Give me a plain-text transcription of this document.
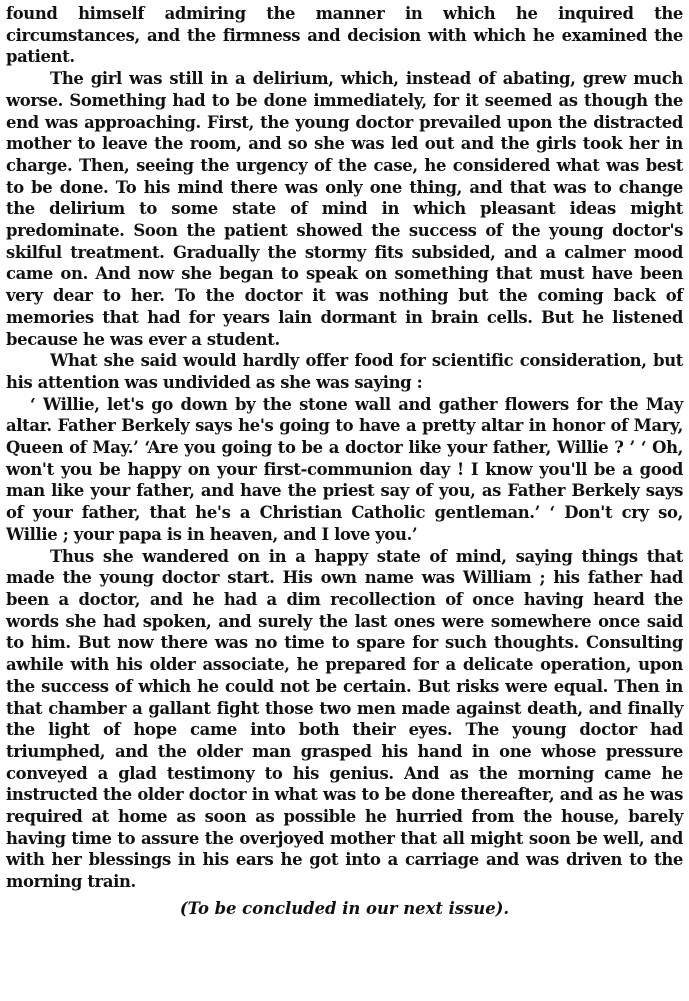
found himself admiring the manner in which he inquired the circumstances, and the firmness and decision with which he examined the patient.

The girl was still in a delirium, which, instead of abating, grew much worse. Something had to be done immediately, for it seemed as though the end was approaching. First, the young doctor prevailed upon the distracted mother to leave the room, and so she was led out and the girls took her in charge. Then, seeing the urgency of the case, he considered what was best to be done. To his mind there was only one thing, and that was to change the delirium to some state of mind in which pleasant ideas might predominate. Soon the patient showed the success of the young doctor's skilful treatment. Gradually the stormy fits subsided, and a calmer mood came on. And now she began to speak on something that must have been very dear to her. To the doctor it was nothing but the coming back of memories that had for years lain dormant in brain cells. But he listened because he was ever a student.

What she said would hardly offer food for scientific consideration, but his attention was undivided as she was saying :

‘ Willie, let's go down by the stone wall and gather flowers for the May altar. Father Berkely says he's going to have a pretty altar in honor of Mary, Queen of May.’ ‘Are you going to be a doctor like your father, Willie ? ’ ‘ Oh, won't you be happy on your first-communion day ! I know you'll be a good man like your father, and have the priest say of you, as Father Berkely says of your father, that he's a Christian Catholic gentleman.’ ‘ Don't cry so, Willie ; your papa is in heaven, and I love you.’

Thus she wandered on in a happy state of mind, saying things that made the young doctor start. His own name was William ; his father had been a doctor, and he had a dim recollection of once having heard the words she had spoken, and surely the last ones were somewhere once said to him. But now there was no time to spare for such thoughts. Consulting awhile with his older associate, he prepared for a delicate operation, upon the success of which he could not be certain. But risks were equal. Then in that chamber a gallant fight those two men made against death, and finally the light of hope came into both their eyes. The young doctor had triumphed, and the older man grasped his hand in one whose pressure conveyed a glad testimony to his genius. And as the morning came he instructed the older doctor in what was to be done thereafter, and as he was required at home as soon as possible he hurried from the house, barely having time to assure the overjoyed mother that all might soon be well, and with her blessings in his ears he got into a carriage and was driven to the morning train.

(To be concluded in our next issue).
